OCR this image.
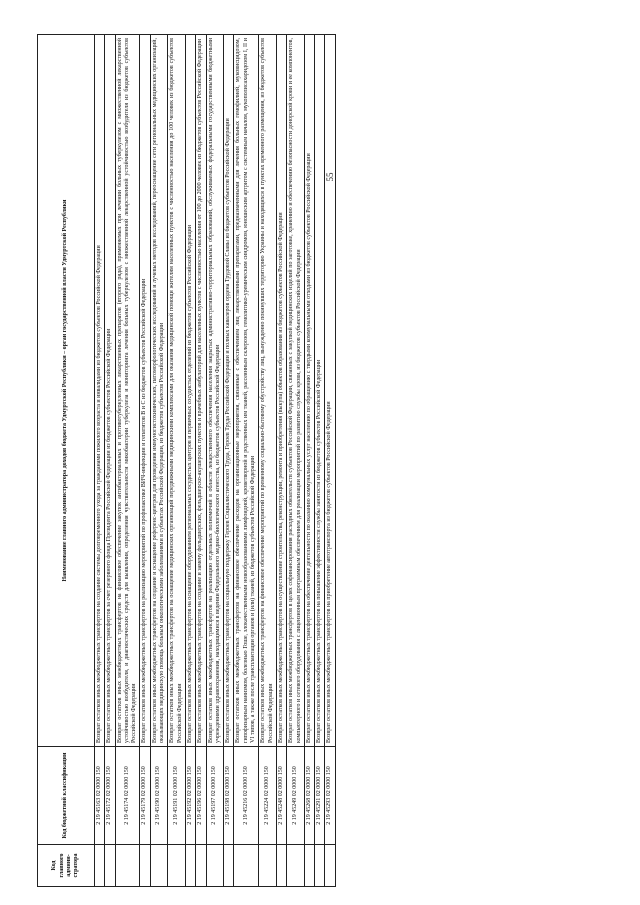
55
Код главного админи-стратора	Код бюджетной классификации	Наименование главного администратора доходов бюджета Удмуртской Республики – орган государственной власти Удмуртской Республики
	2 19 45163 02 0000 150	Возврат остатков иных межбюджетных трансфертов на создание системы долговременного ухода за гражданами пожилого возраста и инвалидами из бюджетов субъектов Российской Федерации
	2 19 45172 02 0000 150	Возврат остатков иных межбюджетных трансфертов за счет резервного фонда Президента Российской Федерации из бюджетов субъектов Российской Федерации
	2 19 45174 02 0000 150	Возврат остатков иных межбюджетных трансфертов на финансовое обеспечение закупок антибактериальных и противотуберкулезных лекарственных препаратов (второго ряда), применяемых при лечении больных туберкулезом с множественной лекарственной устойчивостью возбудителя, и диагностических средств для выявления, определения чувствительности микобактерии туберкулеза и мониторинга лечения больных туберкулезом с множественной лекарственной устойчивостью возбудителя из бюджетов субъектов Российской Федерации
	2 19 45179 02 0000 150	Возврат остатков иных межбюджетных трансфертов на реализацию мероприятий по профилактике ВИЧ-инфекции и гепатитов В и С из бюджетов субъектов Российской Федерации
	2 19 45190 02 0000 150	Возврат остатков иных межбюджетных трансфертов на создание и оснащение референс-центров для проведения иммуногистохимических, патоморфологических исследований и лучевых методов исследований, переоснащение сети региональных медицинских организаций, оказывающих медицинскую помощь больным онкологическими заболеваниями в субъектах Российской Федерации, из бюджетов субъектов Российской Федерации
	2 19 45191 02 0000 150	Возврат остатков иных межбюджетных трансфертов на оснащение медицинских организаций передвижными медицинскими комплексами для оказания медицинской помощи жителям населенных пунктов с численностью населения до 100 человек из бюджетов субъектов Российской Федерации
	2 19 45192 02 0000 150	Возврат остатков иных межбюджетных трансфертов на оснащение оборудованием региональных сосудистых центров и первичных сосудистых отделений из бюджетов субъектов Российской Федерации
	2 19 45196 02 0000 150	Возврат остатков иных межбюджетных трансфертов на создание и замену фельдшерских, фельдшерско-акушерских пунктов и врачебных амбулаторий для населенных пунктов с численностью населения от 100 до 2000 человек из бюджетов субъектов Российской Федерации
	2 19 45197 02 0000 150	Возврат остатков иных межбюджетных трансфертов на реализацию отдельных полномочий в области лекарственного обеспечения населения закрытых административно-территориальных образований, обслуживаемых федеральными государственными бюджетными учреждениями здравоохранения, находящимися в ведении Федерального медико-биологического агентства, из бюджетов субъектов Российской Федерации
	2 19 45198 02 0000 150	Возврат остатков иных межбюджетных трансфертов на социальную поддержку Героев Социалистического Труда, Героев Труда Российской Федерации и полных кавалеров ордена Трудовой Славы из бюджетов субъектов Российской Федерации
	2 19 45216 02 0000 150	Возврат остатков иных межбюджетных трансфертов на финансовое обеспечение расходов на организационные мероприятия, связанные с обеспечением лиц лекарственными препаратами, предназначенными для лечения больных гемофилией, муковисцидозом, гипофизарным нанизмом, болезнью Гоше, злокачественными новообразованиями лимфоидной, кроветворной и родственных им тканей, рассеянным склерозом, гемолитико-уремическим синдромом, юношеским артритом с системным началом, мукополисахаридозом I, II и VI типов, а также после трансплантации органов и (или) тканей, из бюджетов субъектов Российской Федерации
	2 19 45224 02 0000 150	Возврат остатков иных межбюджетных трансфертов на финансовое обеспечение мероприятий по временному социально-бытовому обустройству лиц, вынужденно покинувших территорию Украины и находящихся в пунктах временного размещения, из бюджетов субъектов Российской Федерации
	2 19 45248 02 0000 150	Возврат остатков иных межбюджетных трансфертов на осуществление строительства, реконструкции, ремонта и приобретения (выкупа) объектов образования из бюджетов субъектов Российской Федерации
	2 19 45249 02 0000 150	Возврат остатков иных межбюджетных трансфертов в целях софинансирования расходных обязательств субъектов Российской Федерации, связанных с закупкой медицинских изделий по заготовке, хранению и обеспечению безопасности донорской крови и ее компонентов, компьютерного и сетевого оборудования с лицензионным программным обеспечением для реализации мероприятий по развитию службы крови, из бюджетов субъектов Российской Федерации
	2 19 45268 02 0000 150	Возврат остатков иных межбюджетных трансфертов на обеспечение деятельности по оказанию коммунальных услуг населению по обращению с твердыми коммунальными отходами из бюджетов субъектов Российской Федерации
	2 19 45291 02 0000 150	Возврат остатков иных межбюджетных трансфертов на повышение эффективности службы занятости из бюджетов субъектов Российской Федерации
	2 19 45293 02 0000 150	Возврат остатков иных межбюджетных трансфертов на приобретение автотранспорта из бюджетов субъектов Российской Федерации
